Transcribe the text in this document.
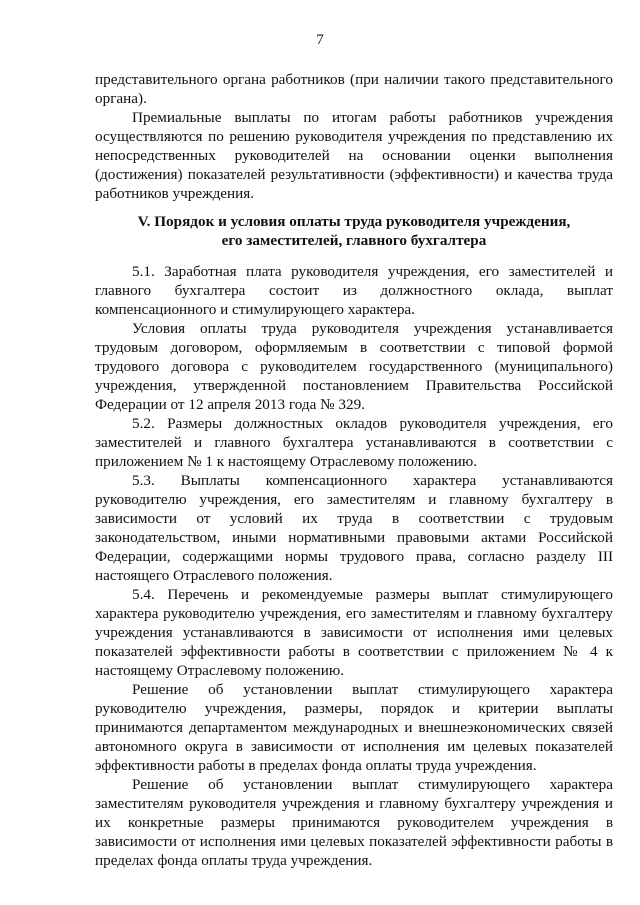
7

представительного органа работников (при наличии такого представительного органа).

Премиальные выплаты по итогам работы работников учреждения осуществляются по решению руководителя учреждения по представлению их непосредственных руководителей на основании оценки выполнения (достижения) показателей результативности (эффективности) и качества труда работников учреждения.

V. Порядок и условия оплаты труда руководителя учреждения,
его заместителей, главного бухгалтера

5.1. Заработная плата руководителя учреждения, его заместителей и главного бухгалтера состоит из должностного оклада, выплат компенсационного и стимулирующего характера.

Условия оплаты труда руководителя учреждения устанавливается трудовым договором, оформляемым в соответствии с типовой формой трудового договора с руководителем государственного (муниципального) учреждения, утвержденной постановлением Правительства Российской Федерации от 12 апреля 2013 года № 329.

5.2. Размеры должностных окладов руководителя учреждения, его заместителей и главного бухгалтера устанавливаются в соответствии с приложением № 1 к настоящему Отраслевому положению.

5.3. Выплаты компенсационного характера устанавливаются руководителю учреждения, его заместителям и главному бухгалтеру в зависимости от условий их труда в соответствии с трудовым законодательством, иными нормативными правовыми актами Российской Федерации, содержащими нормы трудового права, согласно разделу III настоящего Отраслевого положения.

5.4. Перечень и рекомендуемые размеры выплат стимулирующего характера руководителю учреждения, его заместителям и главному бухгалтеру учреждения устанавливаются в зависимости от исполнения ими целевых показателей эффективности работы в соответствии с приложением № 4 к настоящему Отраслевому положению.

Решение об установлении выплат стимулирующего характера руководителю учреждения, размеры, порядок и критерии выплаты принимаются департаментом международных и внешнеэкономических связей автономного округа в зависимости от исполнения им целевых показателей эффективности работы в пределах фонда оплаты труда учреждения.

Решение об установлении выплат стимулирующего характера заместителям руководителя учреждения и главному бухгалтеру учреждения и их конкретные размеры принимаются руководителем учреждения в зависимости от исполнения ими целевых показателей эффективности работы в пределах фонда оплаты труда учреждения.
